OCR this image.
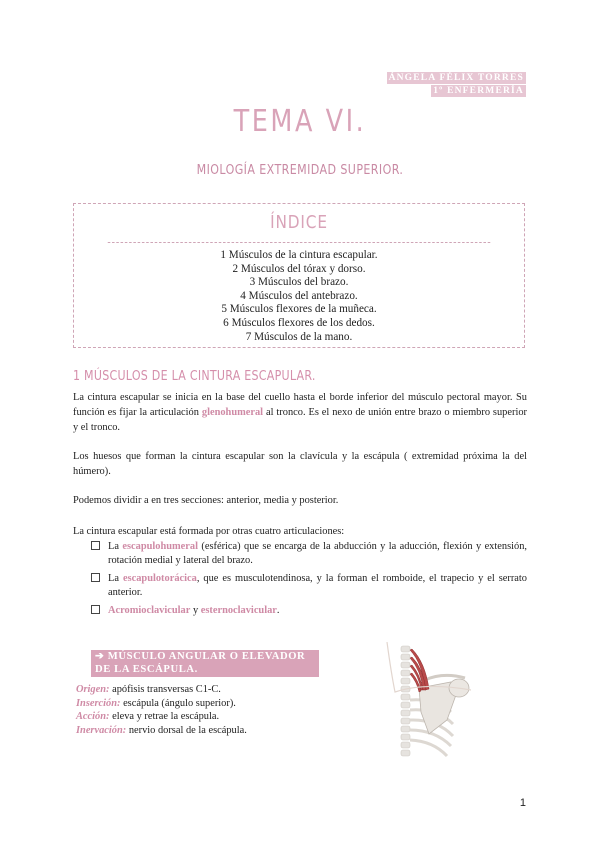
ÁNGELA FÉLIX TORRES
1º ENFERMERÍA
TEMA VI.
MIOLOGÍA EXTREMIDAD SUPERIOR.
ÍNDICE
1 Músculos de la cintura escapular.
2 Músculos del tórax y dorso.
3 Músculos del brazo.
4 Músculos del antebrazo.
5 Músculos flexores de la muñeca.
6 Músculos flexores de los dedos.
7 Músculos de la mano.
1 MÚSCULOS DE LA CINTURA ESCAPULAR.
La cintura escapular se inicia en la base del cuello hasta el borde inferior del músculo pectoral mayor. Su función es fijar la articulación glenohumeral al tronco. Es el nexo de unión entre brazo o miembro superior y el tronco.
Los huesos que forman la cintura escapular son la clavícula y la escápula ( extremidad próxima la del húmero).
Podemos dividir a en tres secciones: anterior, media y posterior.
La cintura escapular está formada por otras cuatro articulaciones:
La escapulohumeral (esférica) que se encarga de la abducción y la aducción, flexión y extensión, rotación medial y lateral del brazo.
La escapulotorácica, que es musculotendinosa, y la forman el romboide, el trapecio y el serrato anterior.
Acromioclavicular y esternoclavicular.
➔ MÚSCULO ANGULAR O ELEVADOR DE LA ESCÁPULA.
Origen: apófisis transversas C1-C.
Inserción: escápula (ángulo superior).
Acción: eleva y retrae la escápula.
Inervación: nervio dorsal de la escápula.
1
